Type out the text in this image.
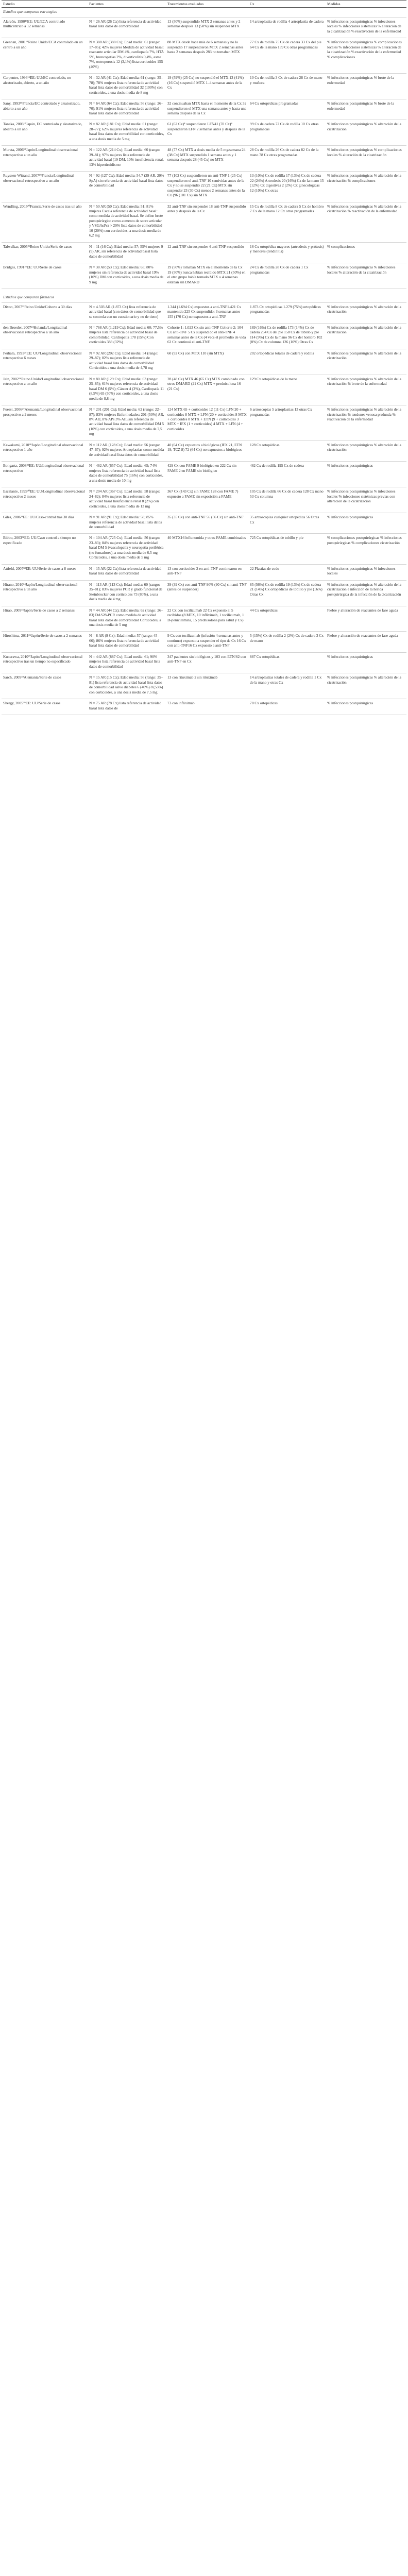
Estudio	Pacientes	Tratamientos evaluados	Cx	Medidas
Estudios que comparan estrategias				
Alarcón, 1990¹³EE: UU/ECA controlado multicéntrico a 12 semanas	N = 26 AR (26 Cx) lista referencia de actividad basal lista datos de comorbilidad	13 (50%) suspendido MTX 2 semanas antes y 2 semanas después 13 (50%) sin suspender MTX	14 artroplastia de rodilla 4 artroplastia de cadera	% infecciones postquirúrgicas % infecciones locales % infecciones sistémicas % alteración de la cicatrización % reactivación de la enfermedad
Grennan, 2001¹⁴Reino Unido/ECA controlado en un centro a un año	N = 388 AR (388 Cx); Edad media: 61 (rango: 17–85); 42% mujeres Medida de actividad basal: reactante articular DM 4%, cardiopatía 7%, HTA 5%, broncopatías 2%, diverticulitis 0,4%, asma 7%, osteoporosis 12 (3,1%) lista corticoides 155 (40%)	88 MTX desde hace más de 6 semanas y no lo suspendió 17 suspendieron MTX 2 semanas antes hasta 2 semanas después 283 no tomaban MTX	77 Cx de rodilla 75 Cx de cadera 33 Cx del pie 64 Cx de la mano 139 Cx otras programadas	% infecciones postquirúrgicas % complicaciones locales % infecciones sistémicas % alteración de la cicatrización % reactivación de la enfermedad % complicaciones
Carpenter, 1996¹⁵EE: UU/EC controlado, no aleatorizado, abierto, a un año	N = 32 AR (41 Cx); Edad media: 61 (rango: 35–78); 78% mujeres lista referencia de actividad basal lista datos de comorbilidad 32 (100%) con corticoides, a una dosis media de 8 mg	19 (59%) (25 Cx) no suspendió el MTX 13 (41%) (16 Cx) suspendió MTX 1–4 semanas antes de la Cx	10 Cx de rodilla 3 Cx de cadera 28 Cx de mano y muñeca	% infecciones postquirúrgicas % brote de la enfermedad
Sany, 1993¹⁶Francia/EC controlado y aleatorizado, abierto a un año	N = 64 AR (64 Cx); Edad media: 56 (rango: 26–70); 91% mujeres lista referencia de actividad basal lista datos de comorbilidad	32 continuaban MTX hasta el momento de la Cx 32 suspendieron el MTX una semana antes y hasta una semana después de la Cx	64 Cx ortopédicas programadas	% infecciones postquirúrgicas % brote de la enfermedad
Tanaka, 2003¹⁷Japón, EC controlado y aleatorizado, abierto a un año	N = 82 AR (181 Cx); Edad media: 61 (rango: 28–77); 62% mujeres referencia de actividad basal lista datos de comorbilidad con corticoides, a una dosis media de 5 mg	61 (62 Cx)⁸ suspendieron LFN41 (70 Cx)⁸ suspendieron LFN 2 semanas antes y después de la Cx	99 Cx de cadera 72 Cx de rodilla 10 Cx otras programadas	% infecciones postquirúrgicas % alteración de la cicatrización
Murata, 2006¹⁸Japón/Longitudinal observacional retrospectivo a un año	N = 122 AR (214 Cx); Edad media: 60 (rango: 39–81); 97% mujeres lista referencia de actividad basal (19 DM, 10% insuficiencia renal, 13% hipertiroidismo	48 (77 Cx) MTX a dosis media de 5 mg/semana 24 (38 Cx) MTX suspendido 1 semana antes y 1 semana después 28 (45 Cx) no MTX	28 Cx de rodilla 26 Cx de cadera 82 Cx de la mano 78 Cx otras programadas	% infecciones postquirúrgicas % complicaciones locales % alteración de la cicatrización
Ruyssen-Witrand, 2007¹⁹Francia/Longitudinal observacional retrospectivo a un año	N = 92 (127 Cx); Edad media: 54,7 (29 AR, 20% SpA) sin referencia de actividad basal lista datos de comorbilidad	77 (102 Cx) suspendieron un anti-TNF 1 (25 Cx) suspendieron el anti-TNF 10 semividas antes de la Cx y no se suspendió 22 (21 Cx) MTX sin suspender 23 (30 Cx) menos 2 semanas antes de la Cx (96 (101 Cx) sin MTX	13 (10%) Cx de rodilla 17 (13%) Cx de cadera 22 (24%) Artrodesis 20 (16%) Cx de la mano 15 (12%) Cx digestivas 2 (2%) Cx ginecológicas 12 (10%) Cx otras	% infecciones postquirúrgicas % alteración de la cicatrización % complicaciones
Wendling, 2005²⁰Francia/Serie de casos tras un año	N = 50 AR (50 Cx); Edad media: 51; 81% mujeres Escala referencia de actividad basal: como medida de actividad basal. Se define brote postquirúrgico como aumento de score articular y VSG/hsPcr > 20% lista datos de comorbilidad 10 (20%) con corticoides, a una dosis media de 6,2 mg	32 anti-TNF sin suspender 18 anti-TNF suspendido antes y después de la Cx	15 Cx de rodilla 8 Cx de cadera 5 Cx de hombro 7 Cx de la mano 12 Cx otras programadas	% infecciones postquirúrgicas % alteración de la cicatrización % reactivación de la enfermedad
Talwalkar, 2005²¹Reino Unido/Serie de casos	N = 11 (16 Cx); Edad media: 57; 55% mujeres 9 (9) AR, sin referencia de actividad basal lista datos de comorbilidad	12 anti-TNF sin suspender 4 anti-TNF suspendido	16 Cx ortopédica mayores (artrodesis y prótesis) y menores (tendinitis)	% complicaciones
Bridges, 1991²²EE: UU/Serie de casos	N = 38 AR (53 Cx); Edad media: 65; 80% mujeres sin referencia de actividad basal 19% (10%) DM con corticoides, a una dosis media de 9 mg	19 (50%) tomaban MTX en el momento de la Cx 19 (50%) nunca habían recibido MTX 21 (50%) en el otro grupo había tomado MTX o 4 semanas estaban sin DMARD	24 Cx de rodilla 28 Cx de cadera 1 Cx programadas	% infecciones postquirúrgicas % infecciones locales % alteración de la cicatrización

Estudios que comparan fármacos				
Dixon, 2007²³Reino Unido/Cohorte a 30 días	N = 4.503 AR (1.873 Cx) lista referencia de actividad basal (con datos de comorbilidad que se controla con un cuestionario y no de tiene)	1.344 (1.694 Cx) expuestos a anti-TNF1.421 Cx mantenido 225 Cx suspendido: 3 semanas antes 155 (170 Cx) no expuestos a anti-TNF	1.873 Cx ortopédicas 1.279 (75%) ortopédicas programadas	% infecciones postquirúrgicas % alteración de la cicatrización
den Broeder, 2007²⁴Holanda/Longitudinal observacional retrospectivo a un año	N = 768 AR (1.219 Cx); Edad media: 60; 77,5% mujeres lista referencia de actividad basal de comorbilidad: Cardiopatía 178 (15%) Con corticoides 388 (32%)	Cohorte 1: 1.023 Cx sin anti-TNF Cohorte 2: 104 Cx anti-TNF 5 Cx suspendido el anti-TNF 4 semanas antes de la Cx (4 vecs el promedio de vida 62 Cx continuó el anti-TNF	189 (16%) Cx de rodilla 173 (14%) Cx de cadera 254 Cx del pie 158 Cx de tobillo y pie 114 (9%) Cx de la mano 96 Cx del hombro 102 (8%) Cx de columna 126 (10%) Otras Cx	% infecciones postquirúrgicas % alteración de la cicatrización
Perhala, 1991²⁵EE: UU/Longitudinal observacional retrospectivo 6 meses	N = 92 AR (202 Cx); Edad media: 54 (rango: 29–87); 82% mujeres lista referencia de actividad basal lista datos de comorbilidad Corticoides a una dosis media de 4,78 mg	60 (92 Cx) con MTX 110 (sin MTX)	202 ortopédicas totales de cadera y rodilla	% infecciones postquirúrgicas % alteración de la cicatrización
Jain, 2002²⁶Reino Unido/Longitudinal observacional retrospectivo a un año	N = 80 AR (129 Cx); Edad media: 63 (rango: 25–85); 61% mujeres referencia de actividad basal DM 6 (5%); Cáncer 4 (3%), Cardiopatía 11 (8,5%) 65 (50%) con corticoides, a una dosis media de 8,8 mg	28 (48 Cx) MTX 46 (65 Cx) MTX combinado con otros DMARD (21 Cx) MTX + prednisolona 16 (21 Cx)	129 Cx ortopédicas de la mano	% infecciones postquirúrgicas % alteración de la cicatrización % brote de la enfermedad
Fuerst, 2006²⁷Alemania/Longitudinal observacional prospectivo a 2 meses	N = 201 (201 Cx); Edad media: 62 (rango: 22–87); 83% mujeres Enfermedades: 201 (50%) AR, 8% AIJ, 8% APs 3% AIL sin referencia de actividad basal lista datos de comorbilidad DM 5 (10%) con corticoides, a una dosis media de 7,5 mg	124 MTX 65 + corticoides 12 (11 Cx) LFN 20 + corticoides 8 MTX + LFN (20 + corticoides 8 MTX + corticoides 8 MTX + ETN (9 + corticoides 3 MTX + IFX (1 + corticoides) 4 MTX + LFN (4 + corticoides	6 artroscopias 5 artroplastias 13 otras Cx programadas	% infecciones postquirúrgicas % alteración de la cicatrización % tendones venosa profunda % reactivación de la enfermedad
Kawakami, 2010²⁸Japón/Longitudinal observacional retrospectivo 1 año	N = 112 AR (128 Cx); Edad media: 56 (rango: 47–67); 92% mujeres Artroplastias como medida de actividad basal lista datos de comorbilidad	40 (64 Cx) expuestos a biológicos (IFX 21, ETN 19, TCZ 8) 72 (64 Cx) no expuestos a biológicos	128 Cx ortopédicas	% infecciones postquirúrgicas % alteración de la cicatrización
Bongartz, 2008²⁹EE: UU/Longitudinal observacional retrospectivo	N = 462 AR (657 Cx); Edad media: 65; 74% mujeres lista referencia de actividad basal lista datos de comorbilidad 75 (16%) con corticoides, a una dosis media de 10 mg	429 Cx con FAME 9 biológico en 222 Cx sin FAME 2 en FAME sin biológico	462 Cx de rodilla 195 Cx de cadera	% infecciones postquirúrgicas
Escalante, 1995³⁰EE: UU/Longitudinal observacional retrospectivo 2 meses	N = 204 AR (367 Cx); Edad media: 58 (rango: 24–82); 84% mujeres lista referencia de actividad basal Insuficiencia renal 8 (2%) con corticoides, a una dosis media de 13 mg	367 Cx (143 Cx) sin FAME 128 con FAME 7) expuesto a FAME sin exposición a FAME	105 Cx de rodilla 66 Cx de cadera 128 Cx mano 53 Cx columna	% infecciones postquirúrgicas % infecciones locales % infecciones sistémicas previas con alteración de la cicatrización
Giles, 2006³¹EE: UU/Caso-control tras 30 días	N = 91 AR (91 Cx); Edad media: 58; 85% mujeres referencia de actividad basal lista datos de comorbilidad	35 (35 Cx) con anti-TNF 56 (56 Cx) sin anti-TNF	35 artroscopias cualquier ortopédica 56 Otras Cx	% infecciones postquirúrgicas
Bibbo, 2003³²EE: UU/Caso control a tiempo no especificado	N = 104 AR (725 Cx); Edad media: 56 (rango: 23–83); 84% mujeres referencia de actividad basal DM 5 (vasculopatía y neuropatía periférica (no fumadores), a una dosis media de 6,5 mg Corticoides, a una dosis media de 5 mg	40 MTX16 leflunomida y otros FAME combinados	725 Cx ortopédicas de tobillo y pie	% complicaciones postquirúrgicas % infecciones postquirúrgicas % complicaciones cicatrización
Attfeld, 2007³³EE: UU/Serie de casos a 8 meses	N = 15 AR (22 Cx) lista referencia de actividad basal lista datos de comorbilidad	13 con corticoides 2 en anti-TNF continuaron en anti-TNF	22 Plastias de codo	% infecciones postquirúrgicas % infecciones locales
Hirano, 2010³⁴Japón/Longitudinal observacional retrospectivo a un año	N = 113 AR (113 Cx); Edad media: 60 (rango: 35–81); 83% mujeres PCR y grado funcional de Steinbrocker con corticoides 73 (80%), a una dosis media de 4 mg	39 (39 Cx) con anti-TNF 90% (90 Cx) sin anti-TNF (antes de suspender)	85 (56%) Cx de rodilla 19 (13%) Cx de cadera 21 (14%) Cx ortopédicas de tobillo y pie (16%) Otras Cx	% infecciones postquirúrgicas % alteración de la cicatrización e infección de la herida postquirúrgica de la infección de la cicatrización
Hirao, 2009³⁵Japón/Serie de casos a 2 semanas	N = 44 AR (44 Cx); Edad media: 62 (rango: 26–83) DAS28-PCR como medida de actividad basal lista datos de comorbilidad Corticoides, a una dosis media de 5 mg	22 Cx con tocilizumab 22 Cx expuesto a: 5 recibidos (8 MTX, 10 infliximab, 1 tocilizumab, 1 D-penicilamina, 15 prednisolona para salud y Cx)	44 Cx ortopédicas	Fiebre y alteración de reactantes de fase aguda
Hiroshima, 2011³⁶Japón/Serie de casos a 2 semanas	N = 8 AR (9 Cx); Edad media: 57 (rango: 45–66); 86% mujeres lista referencia de actividad basal lista datos de comorbilidad	9 Cx con tocilizumab (infusión 4 semanas antes y continuo) expuesto a suspender el tipo de Cx 16 Cx con anti-TNF16 Cx expuesto a anti-TNF	5 (15%) Cx de rodilla 2 (2%) Cx de cadera 3 Cx de mano	Fiebre y alteración de reactantes de fase aguda
Kunarawa, 2010³⁷Japón/Longitudinal observacional retrospectivo tras un tiempo no especificado	N = 442 AR (887 Cx); Edad media: 61; 90% mujeres lista referencia de actividad basal lista datos de comorbilidad	347 pacientes sin biológicos y 103 con ETN/62 con anti-TNF en Cx	887 Cx ortopédicas	% infecciones postquirúrgicas
Sarch, 2009³⁸Alemania/Serie de casos	N = 15 AR (15 Cx); Edad media: 56 (rango: 35–81) lista referencia de actividad basal lista datos de comorbilidad salvo diabetes 6 (40%) 8 (53%) con corticoides, a una dosis media de 7,5 mg	13 con rituximab 2 sin rituximab	14 artroplastias totales de cadera y rodilla 1 Cx de la mano y otras Cx	% infecciones postquirúrgicas % alteración de la cicatrización
Shergy, 2005³⁹EE: UU/Serie de casos	N = 75 AR (78 Cx) lista referencia de actividad basal lista datos de	73 con infliximab	78 Cx ortopédicas	% infecciones postquirúrgicas
